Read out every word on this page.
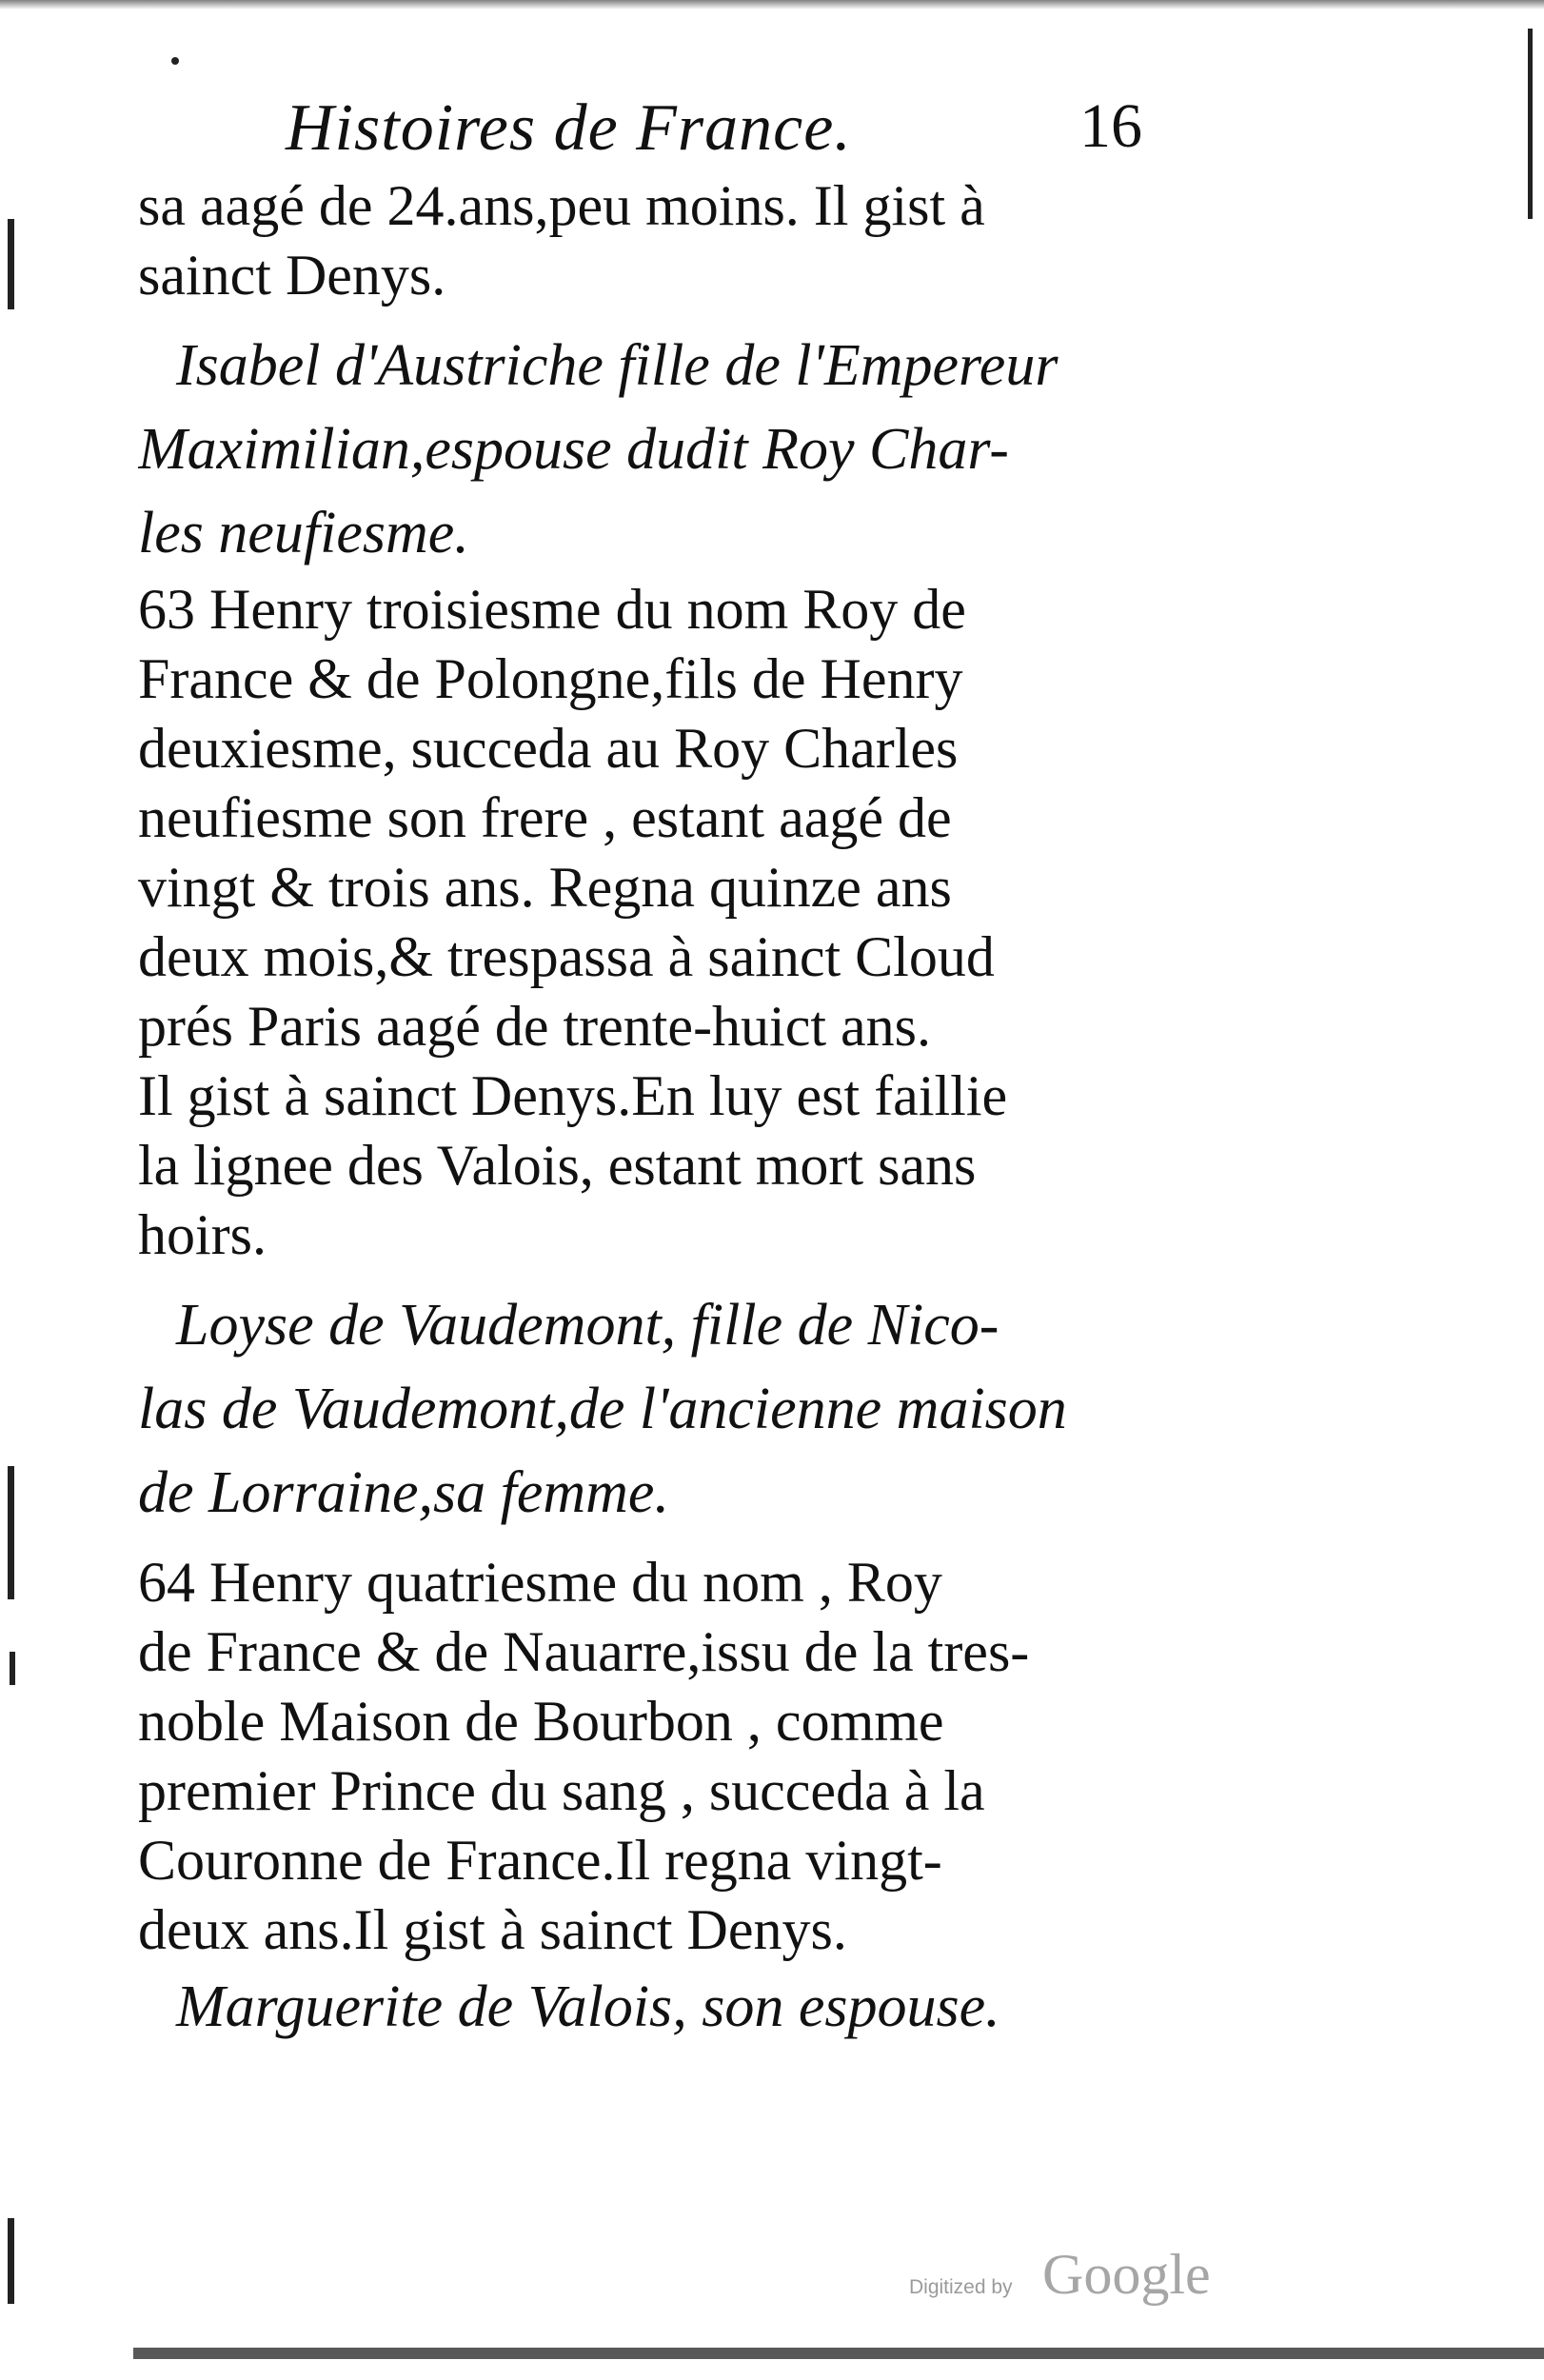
Histoires de France.	16
sa aagé de 24.ans,peu moins. Il gist à
sainct Denys.
Isabel d'Austriche fille de l'Empereur
Maximilian,espouse dudit Roy Char-
les neufiesme.
63 Henry troisiesme du nom Roy de
France & de Polongne,fils de Henry
deuxiesme, succeda au Roy Charles
neufiesme son frere , estant aagé de
vingt & trois ans. Regna quinze ans
deux mois,& trespassa à sainct Cloud
prés Paris aagé de trente-huict ans.
Il gist à sainct Denys.En luy est faillie
la lignee des Valois, estant mort sans
hoirs.
Loyse de Vaudemont, fille de Nico-
las de Vaudemont,de l'ancienne maison
de Lorraine,sa femme.
64 Henry quatriesme du nom , Roy
de France & de Nauarre,issu de la tres-
noble Maison de Bourbon , comme
premier Prince du sang , succeda à la
Couronne de France.Il regna vingt-
deux ans.Il gist à sainct Denys.
Marguerite de Valois, son espouse.
Digitized by Google
